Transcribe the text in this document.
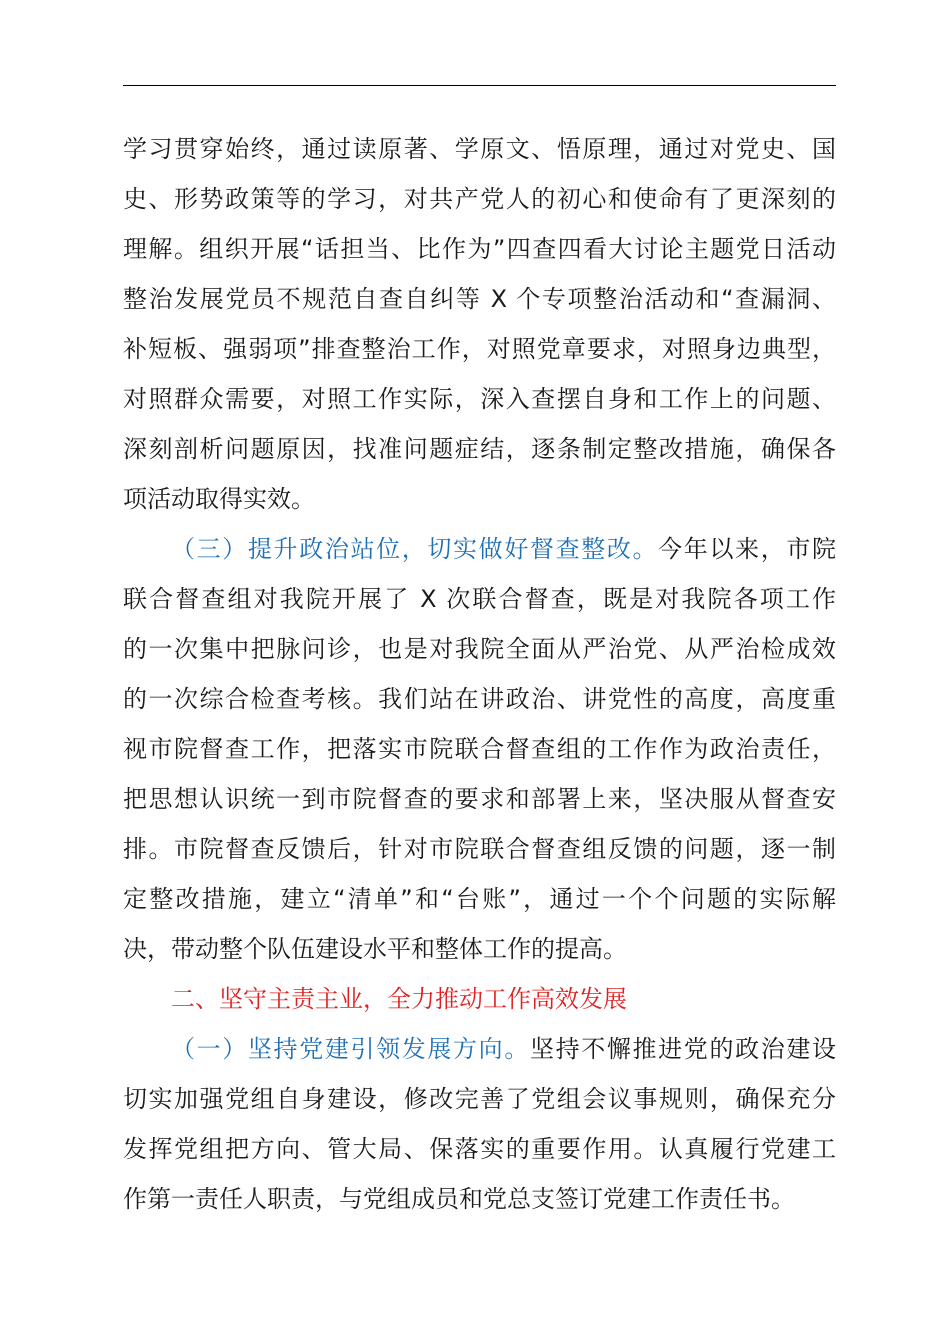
学习贯穿始终，通过读原著、学原文、悟原理，通过对党史、国
史、形势政策等的学习，对共产党人的初心和使命有了更深刻的
理解。组织开展“话担当、比作为”四查四看大讨论主题党日活动
整治发展党员不规范自查自纠等 X 个专项整治活动和“查漏洞、
补短板、强弱项”排查整治工作，对照党章要求，对照身边典型，
对照群众需要，对照工作实际，深入查摆自身和工作上的问题、
深刻剖析问题原因，找准问题症结，逐条制定整改措施，确保各
项活动取得实效。
（三）提升政治站位，切实做好督查整改。今年以来，市院
联合督查组对我院开展了 X 次联合督查，既是对我院各项工作
的一次集中把脉问诊，也是对我院全面从严治党、从严治检成效
的一次综合检查考核。我们站在讲政治、讲党性的高度，高度重
视市院督查工作，把落实市院联合督查组的工作作为政治责任，
把思想认识统一到市院督查的要求和部署上来，坚决服从督查安
排。市院督查反馈后，针对市院联合督查组反馈的问题，逐一制
定整改措施，建立“清单”和“台账”，通过一个个问题的实际解
决，带动整个队伍建设水平和整体工作的提高。
二、坚守主责主业，全力推动工作高效发展
（一）坚持党建引领发展方向。坚持不懈推进党的政治建设
切实加强党组自身建设，修改完善了党组会议事规则，确保充分
发挥党组把方向、管大局、保落实的重要作用。认真履行党建工
作第一责任人职责，与党组成员和党总支签订党建工作责任书。
